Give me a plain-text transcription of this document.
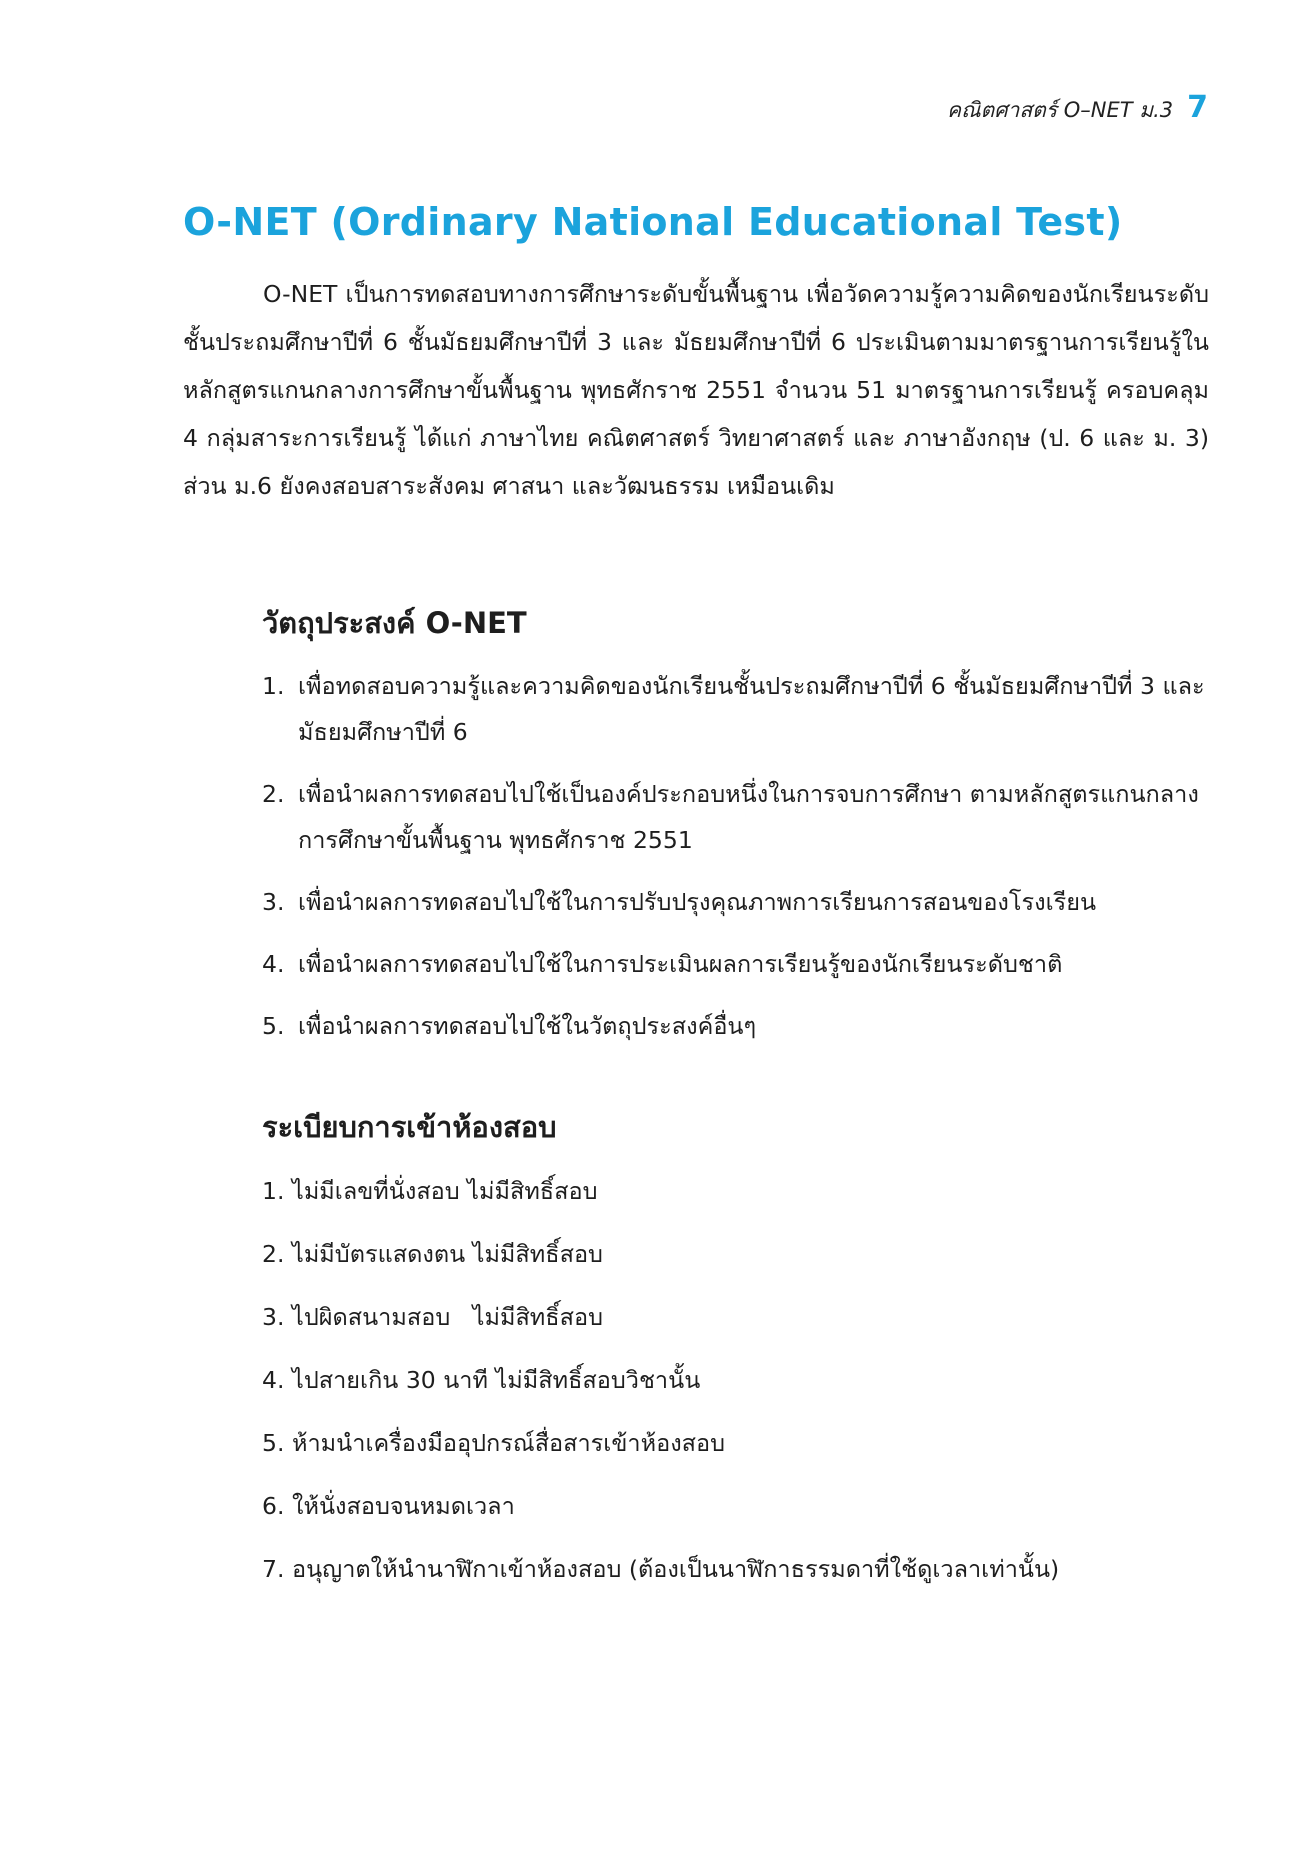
คณิตศาสตร์ O–NET ม.3 7
O-NET (Ordinary National Educational Test)

O-NET เป็นการทดสอบทางการศึกษาระดับขั้นพื้นฐาน เพื่อวัดความรู้ความคิดของนักเรียนระดับชั้นประถมศึกษาปีที่ 6 ชั้นมัธยมศึกษาปีที่ 3 และ มัธยมศึกษาปีที่ 6 ประเมินตามมาตรฐานการเรียนรู้ในหลักสูตรแกนกลางการศึกษาขั้นพื้นฐาน พุทธศักราช 2551 จำนวน 51 มาตรฐานการเรียนรู้ ครอบคลุม 4 กลุ่มสาระการเรียนรู้ ได้แก่ ภาษาไทย คณิตศาสตร์ วิทยาศาสตร์ และ ภาษาอังกฤษ (ป. 6 และ ม. 3) ส่วน ม.6 ยังคงสอบสาระสังคม ศาสนา และวัฒนธรรม เหมือนเดิม

วัตถุประสงค์ O-NET
1. เพื่อทดสอบความรู้และความคิดของนักเรียนชั้นประถมศึกษาปีที่ 6 ชั้นมัธยมศึกษาปีที่ 3 และมัธยมศึกษาปีที่ 6
2. เพื่อนำผลการทดสอบไปใช้เป็นองค์ประกอบหนึ่งในการจบการศึกษา ตามหลักสูตรแกนกลางการศึกษาขั้นพื้นฐาน พุทธศักราช 2551
3. เพื่อนำผลการทดสอบไปใช้ในการปรับปรุงคุณภาพการเรียนการสอนของโรงเรียน
4. เพื่อนำผลการทดสอบไปใช้ในการประเมินผลการเรียนรู้ของนักเรียนระดับชาติ
5. เพื่อนำผลการทดสอบไปใช้ในวัตถุประสงค์อื่นๆ
ระเบียบการเข้าห้องสอบ
1. ไม่มีเลขที่นั่งสอบ ไม่มีสิทธิ์สอบ
2. ไม่มีบัตรแสดงตน ไม่มีสิทธิ์สอบ
3. ไปผิดสนามสอบ   ไม่มีสิทธิ์สอบ
4. ไปสายเกิน 30 นาที ไม่มีสิทธิ์สอบวิชานั้น
5. ห้ามนำเครื่องมืออุปกรณ์สื่อสารเข้าห้องสอบ
6. ให้นั่งสอบจนหมดเวลา
7. อนุญาตให้นำนาฬิกาเข้าห้องสอบ (ต้องเป็นนาฬิกาธรรมดาที่ใช้ดูเวลาเท่านั้น)
